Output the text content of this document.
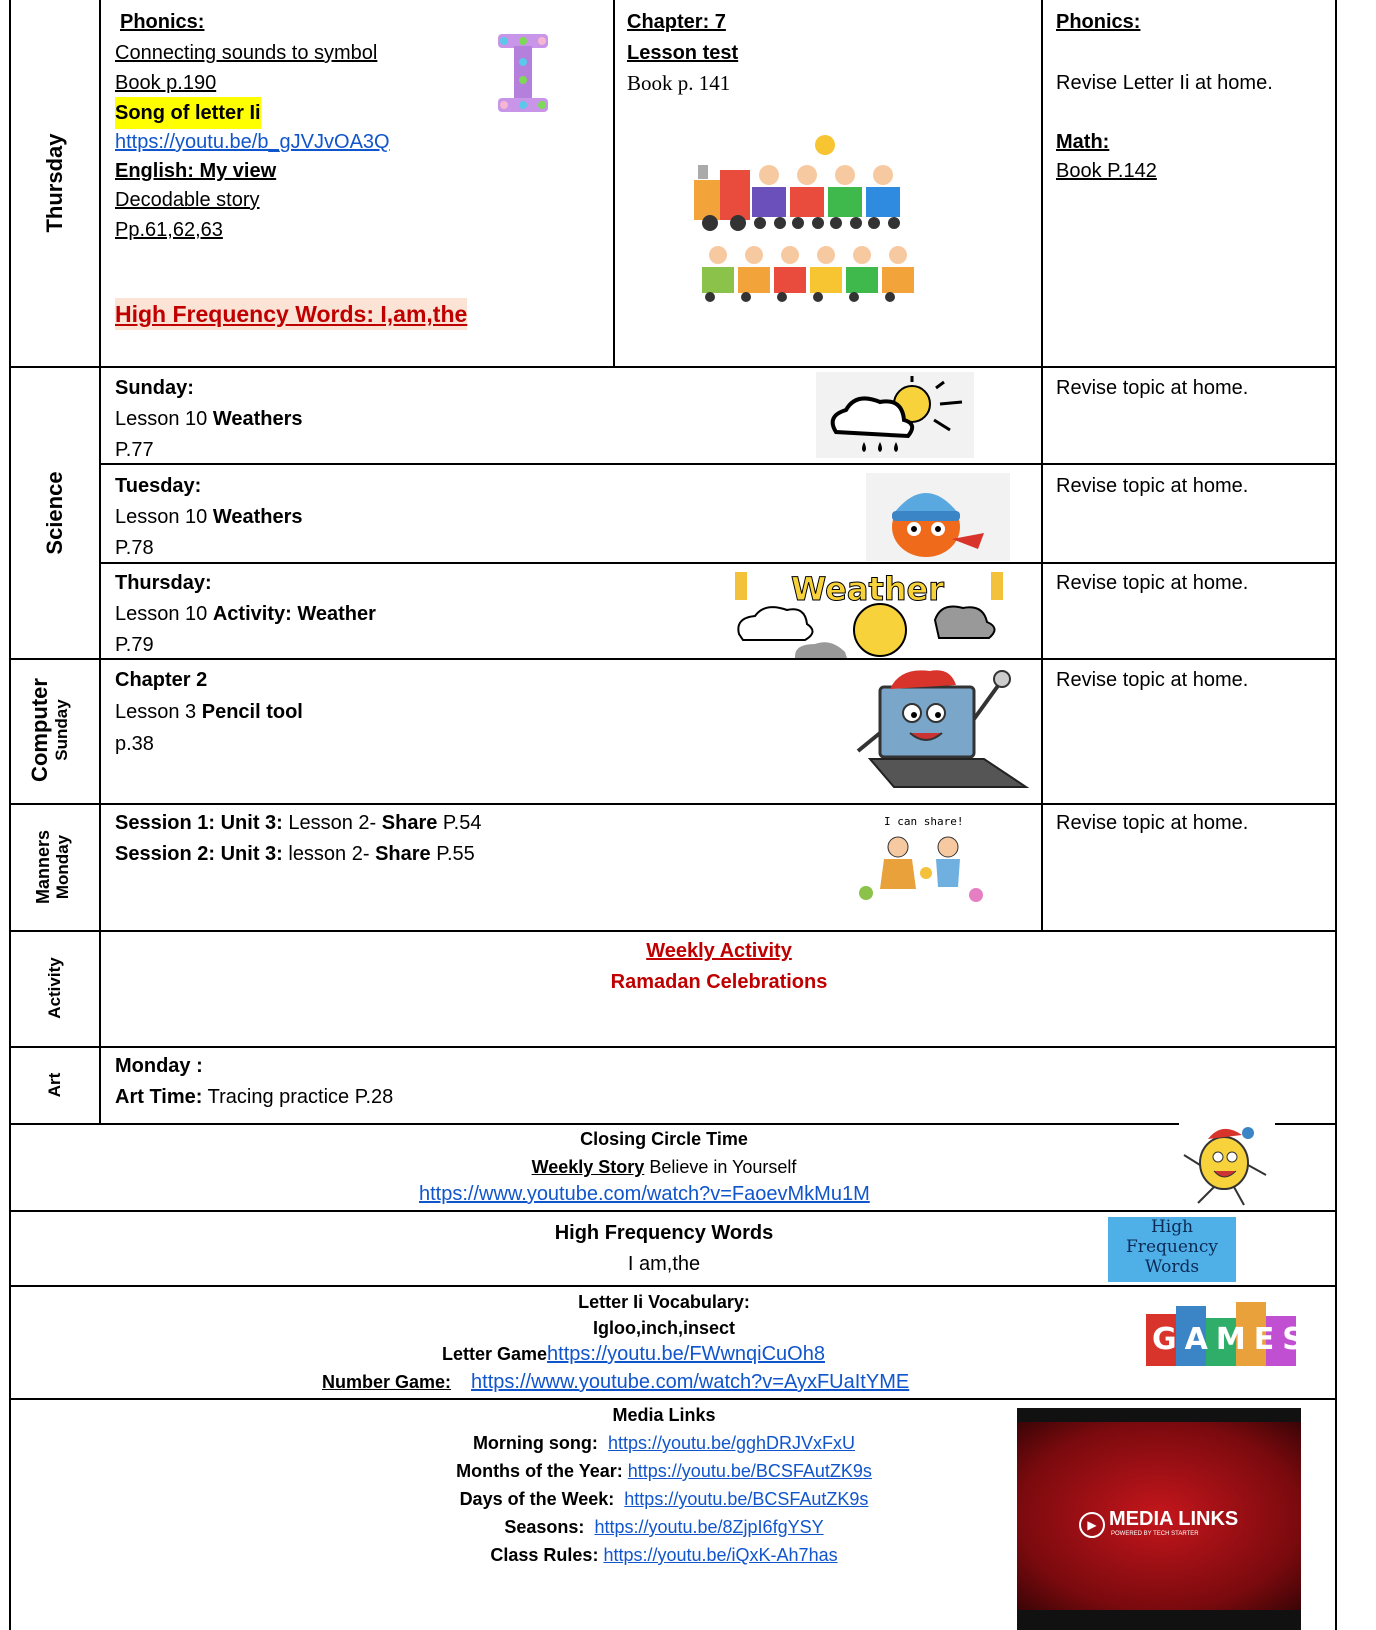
Thursday
Phonics:
Connecting sounds to symbol
Book p.190
Song of letter Ii
https://youtu.be/b_gJVJvOA3Q
English: My view
Decodable story
Pp.61,62,63
High Frequency Words: I,am,the
Chapter: 7
Lesson test
Book p. 141
Phonics:
Revise Letter Ii at home.
Math:
Book P.142
Science
Sunday:
Lesson 10 Weathers
P.77
Revise topic at home.
Tuesday:
Lesson 10 Weathers
P.78
Revise topic at home.
Thursday:
Lesson 10 Activity: Weather
P.79
Weather	Revise topic at home.
Computer Sunday
Chapter 2
Lesson 3 Pencil tool
p.38
Revise topic at home.
Manners Monday
Session 1: Unit 3: Lesson 2- Share P.54
Session 2: Unit 3: lesson 2- Share P.55
I can share!	Revise topic at home.
Activity
Weekly Activity
Ramadan Celebrations
Art
Monday :
Art Time: Tracing practice P.28
Closing Circle Time
Weekly Story Believe in Yourself
https://www.youtube.com/watch?v=FaoevMkMu1M
High Frequency Words
I am,the
High
Frequency
Words
Letter Ii Vocabulary:
Igloo,inch,insect
Letter Gamehttps://youtu.be/FWwnqiCuOh8
Number Game: https://www.youtube.com/watch?v=AyxFUaItYME
GAMES
Media Links
Morning song: https://youtu.be/gghDRJVxFxU
Months of the Year: https://youtu.be/BCSFAutZK9s
Days of the Week: https://youtu.be/BCSFAutZK9s
Seasons: https://youtu.be/8ZjpI6fgYSY
Class Rules: https://youtu.be/iQxK-Ah7has
▶ MEDIA LINKS
POWERED BY TECH STARTER
